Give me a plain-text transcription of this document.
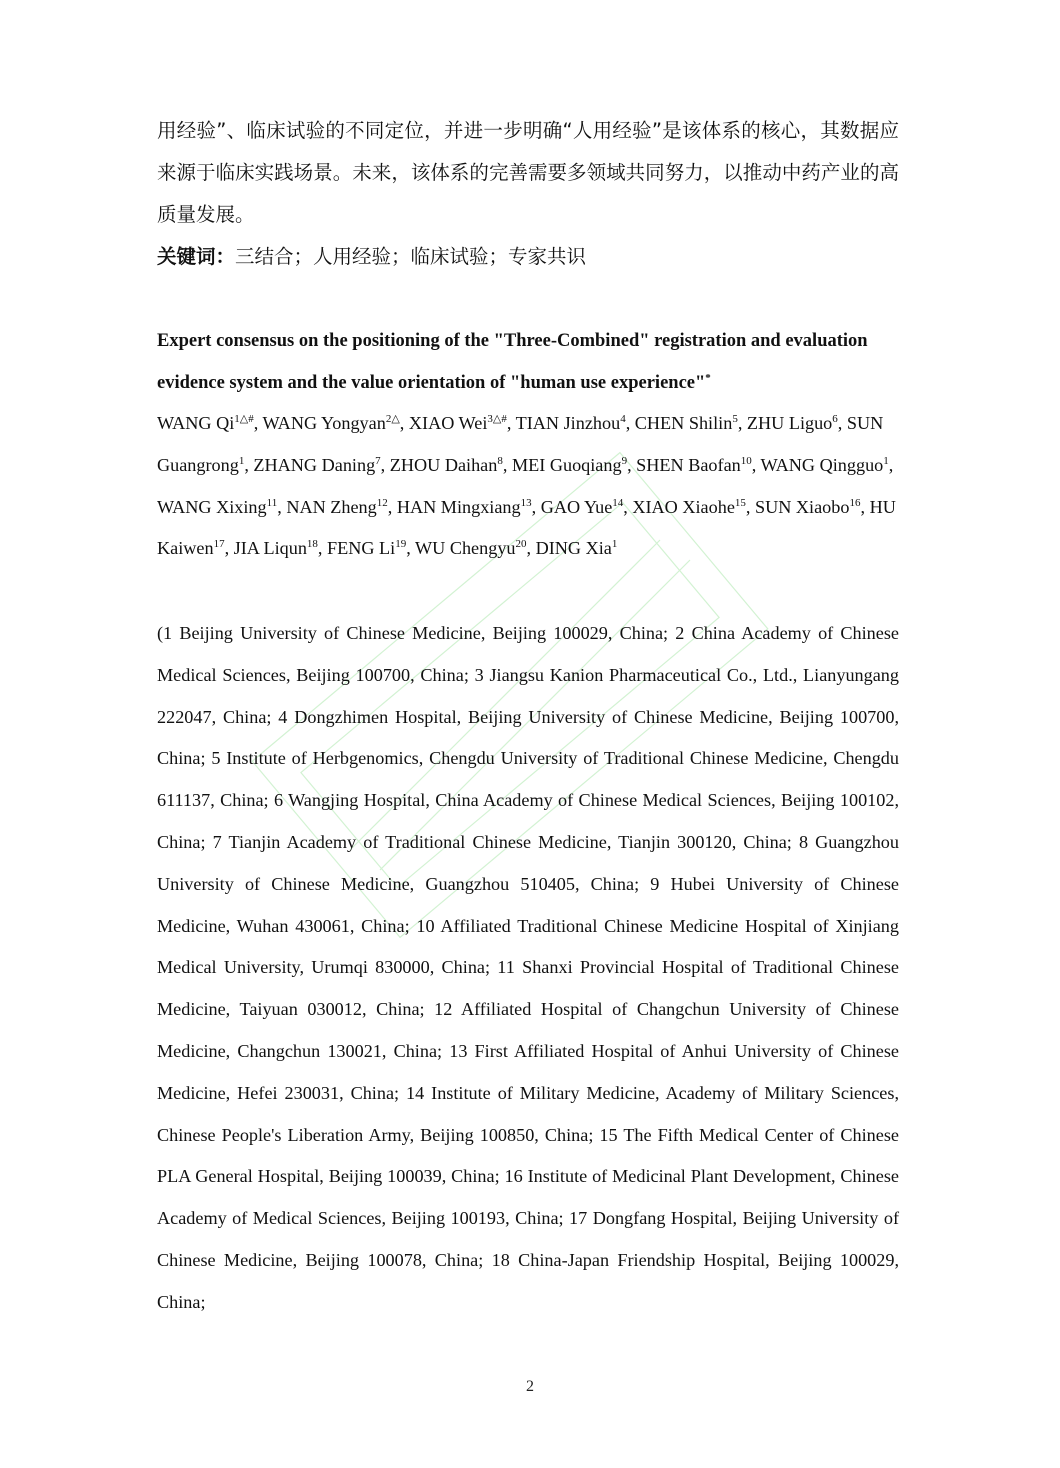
用经验”、临床试验的不同定位，并进一步明确“人用经验”是该体系的核心，其数据应来源于临床实践场景。未来，该体系的完善需要多领域共同努力，以推动中药产业的高质量发展。
关键词：三结合；人用经验；临床试验；专家共识
Expert consensus on the positioning of the "Three-Combined" registration and evaluation evidence system and the value orientation of "human use experience"*
WANG $Qi^{1\triangle\#}$, WANG Yongyan$^{2\triangle}$, XIAO Wei$^{3\triangle\#}$, TIAN Jinzhou$^4$, CHEN Shilin$^5$, ZHU Liguo$^6$, SUN Guangrong$^1$, ZHANG Daning$^7$, ZHOU Daihan$^8$, MEI Guoqiang$^9$, SHEN Baofan$^{10}$, WANG Qingguo$^1$, WANG Xixing$^{11}$, NAN Zheng$^{12}$, HAN Mingxiang$^{13}$, GAO Yue$^{14}$, XIAO Xiaohe$^{15}$, SUN Xiaobo$^{16}$, HU Kaiwen$^{17}$, JIA Liqun$^{18}$, FENG Li$^{19}$, WU Chengyu$^{20}$, DING Xia$^1$
(1 Beijing University of Chinese Medicine, Beijing 100029, China; 2 China Academy of Chinese Medical Sciences, Beijing 100700, China; 3 Jiangsu Kanion Pharmaceutical Co., Ltd., Lianyungang 222047, China; 4 Dongzhimen Hospital, Beijing University of Chinese Medicine, Beijing 100700, China; 5 Institute of Herbgenomics, Chengdu University of Traditional Chinese Medicine, Chengdu 611137, China; 6 Wangjing Hospital, China Academy of Chinese Medical Sciences, Beijing 100102, China; 7 Tianjin Academy of Traditional Chinese Medicine, Tianjin 300120, China; 8 Guangzhou University of Chinese Medicine, Guangzhou 510405, China; 9 Hubei University of Chinese Medicine, Wuhan 430061, China; 10 Affiliated Traditional Chinese Medicine Hospital of Xinjiang Medical University, Urumqi 830000, China; 11 Shanxi Provincial Hospital of Traditional Chinese Medicine, Taiyuan 030012, China; 12 Affiliated Hospital of Changchun University of Chinese Medicine, Changchun 130021, China; 13 First Affiliated Hospital of Anhui University of Chinese Medicine, Hefei 230031, China; 14 Institute of Military Medicine, Academy of Military Sciences, Chinese People's Liberation Army, Beijing 100850, China; 15 The Fifth Medical Center of Chinese PLA General Hospital, Beijing 100039, China; 16 Institute of Medicinal Plant Development, Chinese Academy of Medical Sciences, Beijing 100193, China; 17 Dongfang Hospital, Beijing University of Chinese Medicine, Beijing 100078, China; 18 China-Japan Friendship Hospital, Beijing 100029, China;
2
